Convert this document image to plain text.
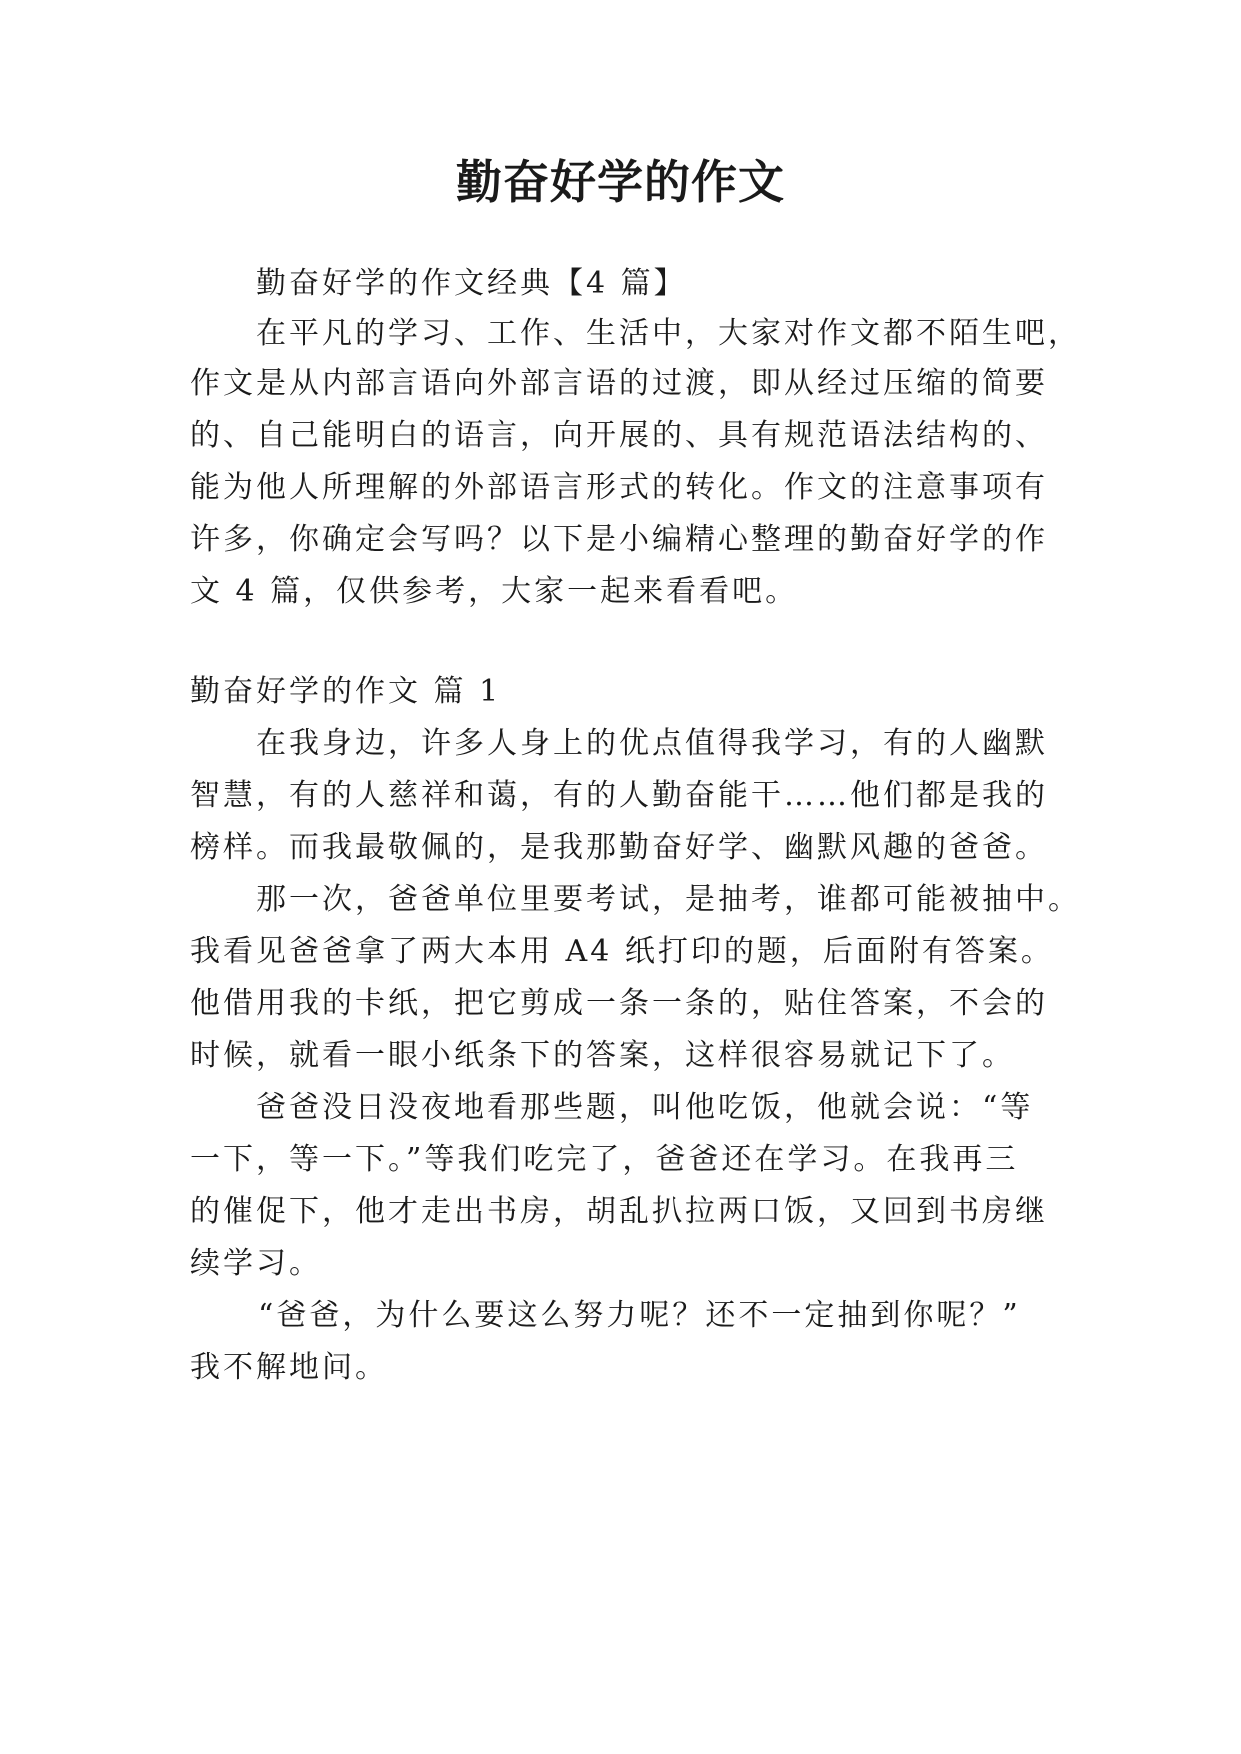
勤奋好学的作文

勤奋好学的作文经典【4 篇】

在平凡的学习、工作、生活中，大家对作文都不陌生吧，

作文是从内部言语向外部言语的过渡，即从经过压缩的简要

的、自己能明白的语言，向开展的、具有规范语法结构的、

能为他人所理解的外部语言形式的转化。作文的注意事项有

许多，你确定会写吗？以下是小编精心整理的勤奋好学的作

文 4 篇，仅供参考，大家一起来看看吧。

勤奋好学的作文 篇 1

在我身边，许多人身上的优点值得我学习，有的人幽默

智慧，有的人慈祥和蔼，有的人勤奋能干……他们都是我的

榜样。而我最敬佩的，是我那勤奋好学、幽默风趣的爸爸。

那一次，爸爸单位里要考试，是抽考，谁都可能被抽中。

我看见爸爸拿了两大本用 A4 纸打印的题，后面附有答案。

他借用我的卡纸，把它剪成一条一条的，贴住答案，不会的

时候，就看一眼小纸条下的答案，这样很容易就记下了。

爸爸没日没夜地看那些题，叫他吃饭，他就会说：“等

一下，等一下。”等我们吃完了，爸爸还在学习。在我再三

的催促下，他才走出书房，胡乱扒拉两口饭，又回到书房继

续学习。

“爸爸，为什么要这么努力呢？还不一定抽到你呢？”

我不解地问。
